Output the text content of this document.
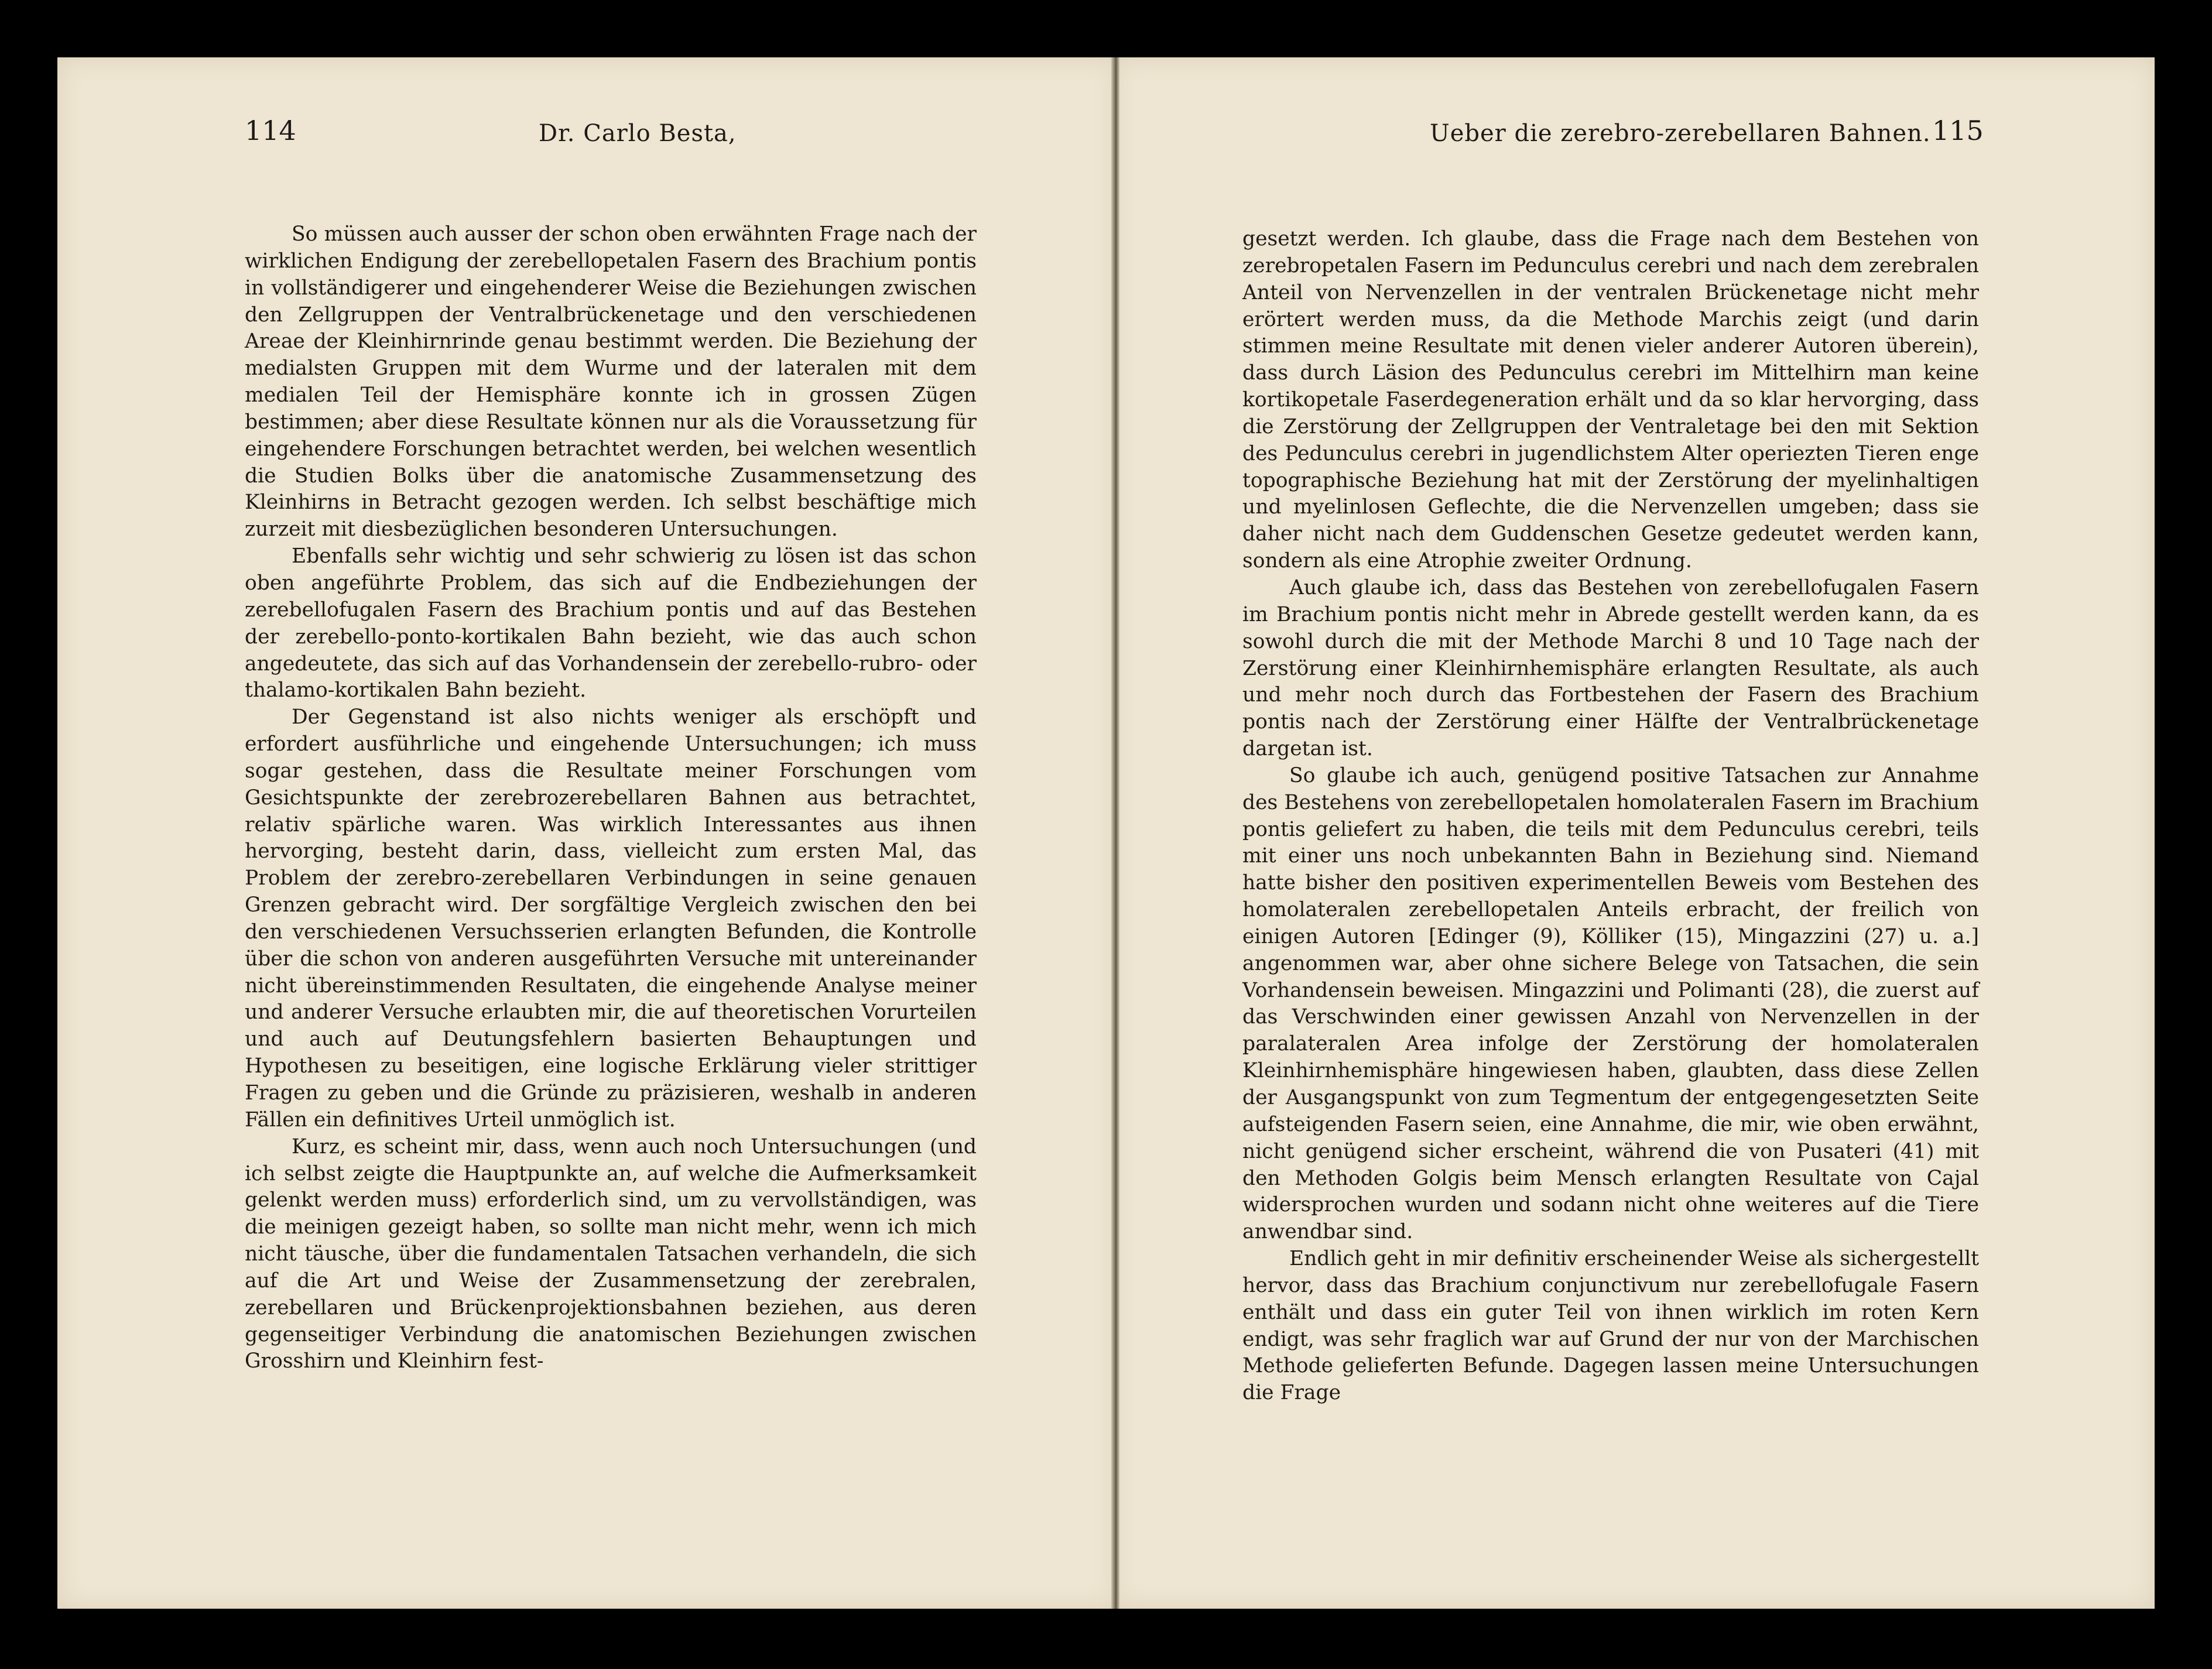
114	Dr. Carlo Besta,	Ueber die zerebro-zerebellaren Bahnen. 115

So müssen auch ausser der schon oben erwähnten Frage nach der wirklichen Endigung der zerebellopetalen Fasern des Brachium pontis in vollständigerer und eingehenderer Weise die Beziehungen zwischen den Zellgruppen der Ventralbrückenetage und den verschiedenen Areae der Kleinhirnrinde genau bestimmt werden. Die Beziehung der medialsten Gruppen mit dem Wurme und der lateralen mit dem medialen Teil der Hemisphäre konnte ich in grossen Zügen bestimmen; aber diese Resultate können nur als die Voraussetzung für eingehendere Forschungen betrachtet werden, bei welchen wesentlich die Studien Bolks über die anatomische Zusammensetzung des Kleinhirns in Betracht gezogen werden. Ich selbst beschäftige mich zurzeit mit diesbezüglichen besonderen Untersuchungen.

Ebenfalls sehr wichtig und sehr schwierig zu lösen ist das schon oben angeführte Problem, das sich auf die Endbeziehungen der zerebellofugalen Fasern des Brachium pontis und auf das Bestehen der zerebello-ponto-kortikalen Bahn bezieht, wie das auch schon angedeutete, das sich auf das Vorhandensein der zerebello-rubro- oder thalamo-kortikalen Bahn bezieht.

Der Gegenstand ist also nichts weniger als erschöpft und erfordert ausführliche und eingehende Untersuchungen; ich muss sogar gestehen, dass die Resultate meiner Forschungen vom Gesichtspunkte der zerebrozerebellaren Bahnen aus betrachtet, relativ spärliche waren. Was wirklich Interessantes aus ihnen hervorging, besteht darin, dass, vielleicht zum ersten Mal, das Problem der zerebro-zerebellaren Verbindungen in seine genauen Grenzen gebracht wird. Der sorgfältige Vergleich zwischen den bei den verschiedenen Versuchsserien erlangten Befunden, die Kontrolle über die schon von anderen ausgeführten Versuche mit untereinander nicht übereinstimmenden Resultaten, die eingehende Analyse meiner und anderer Versuche erlaubten mir, die auf theoretischen Vorurteilen und auch auf Deutungsfehlern basierten Behauptungen und Hypothesen zu beseitigen, eine logische Erklärung vieler strittiger Fragen zu geben und die Gründe zu präzisieren, weshalb in anderen Fällen ein definitives Urteil unmöglich ist.

Kurz, es scheint mir, dass, wenn auch noch Untersuchungen (und ich selbst zeigte die Hauptpunkte an, auf welche die Aufmerksamkeit gelenkt werden muss) erforderlich sind, um zu vervollständigen, was die meinigen gezeigt haben, so sollte man nicht mehr, wenn ich mich nicht täusche, über die fundamentalen Tatsachen verhandeln, die sich auf die Art und Weise der Zusammensetzung der zerebralen, zerebellaren und Brückenprojektionsbahnen beziehen, aus deren gegenseitiger Verbindung die anatomischen Beziehungen zwischen Grosshirn und Kleinhirn fest-

gesetzt werden. Ich glaube, dass die Frage nach dem Bestehen von zerebropetalen Fasern im Pedunculus cerebri und nach dem zerebralen Anteil von Nervenzellen in der ventralen Brückenetage nicht mehr erörtert werden muss, da die Methode Marchis zeigt (und darin stimmen meine Resultate mit denen vieler anderer Autoren überein), dass durch Läsion des Pedunculus cerebri im Mittelhirn man keine kortikopetale Faserdegeneration erhält und da so klar hervorging, dass die Zerstörung der Zellgruppen der Ventraletage bei den mit Sektion des Pedunculus cerebri in jugendlichstem Alter operiezten Tieren enge topographische Beziehung hat mit der Zerstörung der myelinhaltigen und myelinlosen Geflechte, die die Nervenzellen umgeben; dass sie daher nicht nach dem Guddenschen Gesetze gedeutet werden kann, sondern als eine Atrophie zweiter Ordnung.

Auch glaube ich, dass das Bestehen von zerebellofugalen Fasern im Brachium pontis nicht mehr in Abrede gestellt werden kann, da es sowohl durch die mit der Methode Marchi 8 und 10 Tage nach der Zerstörung einer Kleinhirnhemisphäre erlangten Resultate, als auch und mehr noch durch das Fortbestehen der Fasern des Brachium pontis nach der Zerstörung einer Hälfte der Ventralbrückenetage dargetan ist.

So glaube ich auch, genügend positive Tatsachen zur Annahme des Bestehens von zerebellopetalen homolateralen Fasern im Brachium pontis geliefert zu haben, die teils mit dem Pedunculus cerebri, teils mit einer uns noch unbekannten Bahn in Beziehung sind. Niemand hatte bisher den positiven experimentellen Beweis vom Bestehen des homolateralen zerebellopetalen Anteils erbracht, der freilich von einigen Autoren [Edinger (9), Kölliker (15), Mingazzini (27) u. a.] angenommen war, aber ohne sichere Belege von Tatsachen, die sein Vorhandensein beweisen. Mingazzini und Polimanti (28), die zuerst auf das Verschwinden einer gewissen Anzahl von Nervenzellen in der paralateralen Area infolge der Zerstörung der homolateralen Kleinhirnhemisphäre hingewiesen haben, glaubten, dass diese Zellen der Ausgangspunkt von zum Tegmentum der entgegengesetzten Seite aufsteigenden Fasern seien, eine Annahme, die mir, wie oben erwähnt, nicht genügend sicher erscheint, während die von Pusateri (41) mit den Methoden Golgis beim Mensch erlangten Resultate von Cajal widersprochen wurden und sodann nicht ohne weiteres auf die Tiere anwendbar sind.

Endlich geht in mir definitiv erscheinender Weise als sichergestellt hervor, dass das Brachium conjunctivum nur zerebellofugale Fasern enthält und dass ein guter Teil von ihnen wirklich im roten Kern endigt, was sehr fraglich war auf Grund der nur von der Marchischen Methode gelieferten Befunde. Dagegen lassen meine Untersuchungen die Frage
